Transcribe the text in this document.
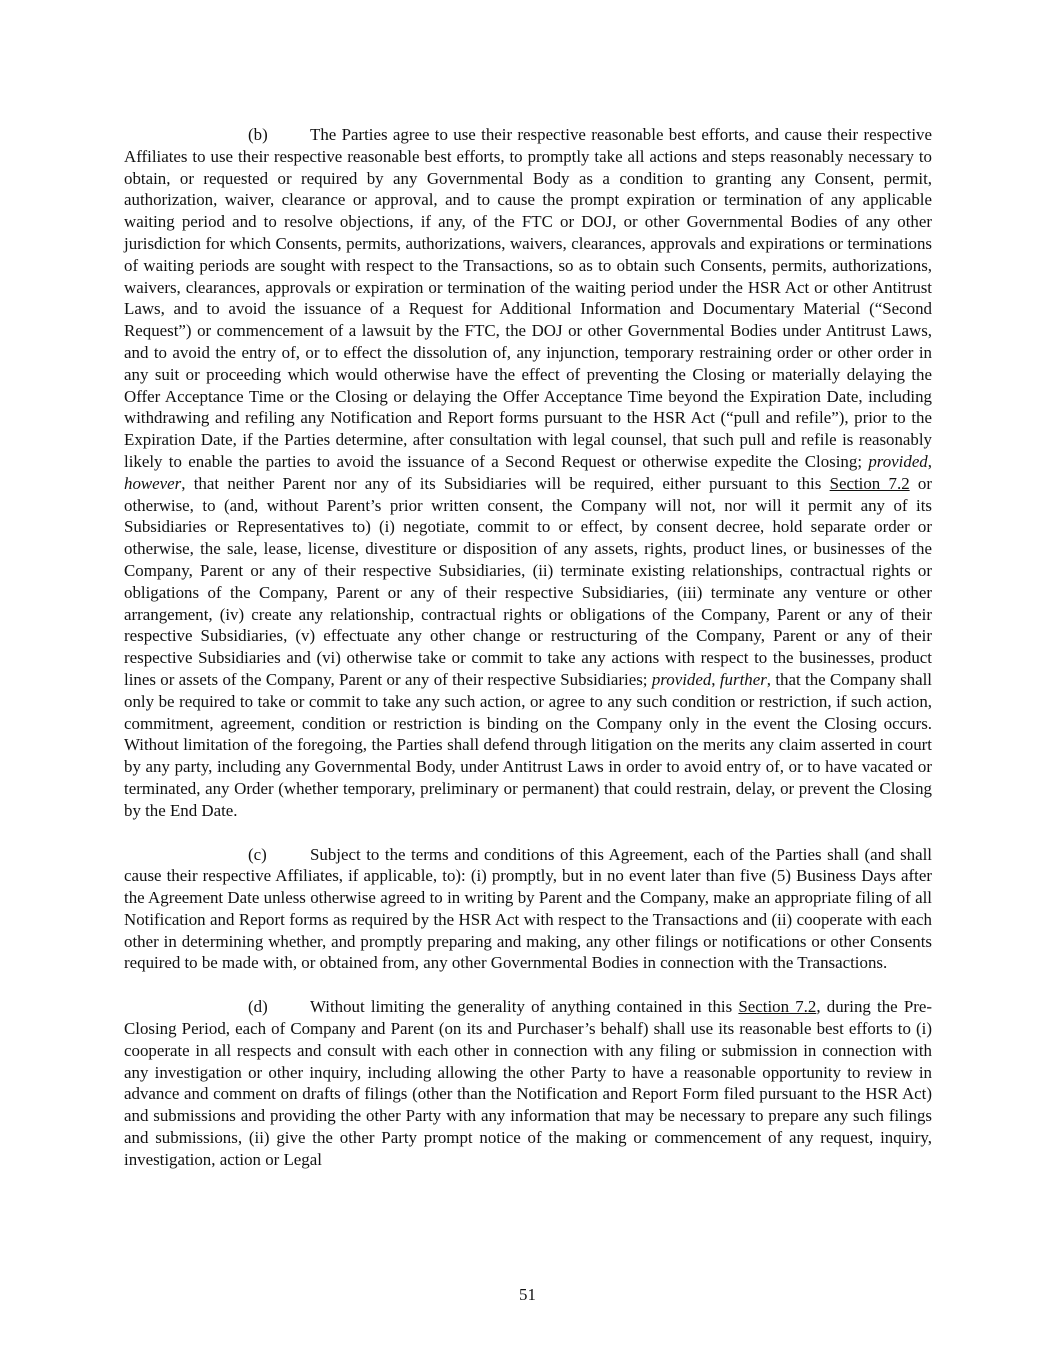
(b)	The Parties agree to use their respective reasonable best efforts, and cause their respective Affiliates to use their respective reasonable best efforts, to promptly take all actions and steps reasonably necessary to obtain, or requested or required by any Governmental Body as a condition to granting any Consent, permit, authorization, waiver, clearance or approval, and to cause the prompt expiration or termination of any applicable waiting period and to resolve objections, if any, of the FTC or DOJ, or other Governmental Bodies of any other jurisdiction for which Consents, permits, authorizations, waivers, clearances, approvals and expirations or terminations of waiting periods are sought with respect to the Transactions, so as to obtain such Consents, permits, authorizations, waivers, clearances, approvals or expiration or termination of the waiting period under the HSR Act or other Antitrust Laws, and to avoid the issuance of a Request for Additional Information and Documentary Material (“Second Request”) or commencement of a lawsuit by the FTC, the DOJ or other Governmental Bodies under Antitrust Laws, and to avoid the entry of, or to effect the dissolution of, any injunction, temporary restraining order or other order in any suit or proceeding which would otherwise have the effect of preventing the Closing or materially delaying the Offer Acceptance Time or the Closing or delaying the Offer Acceptance Time beyond the Expiration Date, including withdrawing and refiling any Notification and Report forms pursuant to the HSR Act (“pull and refile”), prior to the Expiration Date, if the Parties determine, after consultation with legal counsel, that such pull and refile is reasonably likely to enable the parties to avoid the issuance of a Second Request or otherwise expedite the Closing; provided, however, that neither Parent nor any of its Subsidiaries will be required, either pursuant to this Section 7.2 or otherwise, to (and, without Parent’s prior written consent, the Company will not, nor will it permit any of its Subsidiaries or Representatives to) (i) negotiate, commit to or effect, by consent decree, hold separate order or otherwise, the sale, lease, license, divestiture or disposition of any assets, rights, product lines, or businesses of the Company, Parent or any of their respective Subsidiaries, (ii) terminate existing relationships, contractual rights or obligations of the Company, Parent or any of their respective Subsidiaries, (iii) terminate any venture or other arrangement, (iv) create any relationship, contractual rights or obligations of the Company, Parent or any of their respective Subsidiaries, (v) effectuate any other change or restructuring of the Company, Parent or any of their respective Subsidiaries and (vi) otherwise take or commit to take any actions with respect to the businesses, product lines or assets of the Company, Parent or any of their respective Subsidiaries; provided, further, that the Company shall only be required to take or commit to take any such action, or agree to any such condition or restriction, if such action, commitment, agreement, condition or restriction is binding on the Company only in the event the Closing occurs. Without limitation of the foregoing, the Parties shall defend through litigation on the merits any claim asserted in court by any party, including any Governmental Body, under Antitrust Laws in order to avoid entry of, or to have vacated or terminated, any Order (whether temporary, preliminary or permanent) that could restrain, delay, or prevent the Closing by the End Date.

(c)	Subject to the terms and conditions of this Agreement, each of the Parties shall (and shall cause their respective Affiliates, if applicable, to): (i) promptly, but in no event later than five (5) Business Days after the Agreement Date unless otherwise agreed to in writing by Parent and the Company, make an appropriate filing of all Notification and Report forms as required by the HSR Act with respect to the Transactions and (ii) cooperate with each other in determining whether, and promptly preparing and making, any other filings or notifications or other Consents required to be made with, or obtained from, any other Governmental Bodies in connection with the Transactions.

(d)	Without limiting the generality of anything contained in this Section 7.2, during the Pre-Closing Period, each of Company and Parent (on its and Purchaser’s behalf) shall use its reasonable best efforts to (i) cooperate in all respects and consult with each other in connection with any filing or submission in connection with any investigation or other inquiry, including allowing the other Party to have a reasonable opportunity to review in advance and comment on drafts of filings (other than the Notification and Report Form filed pursuant to the HSR Act) and submissions and providing the other Party with any information that may be necessary to prepare any such filings and submissions, (ii) give the other Party prompt notice of the making or commencement of any request, inquiry, investigation, action or Legal

51
